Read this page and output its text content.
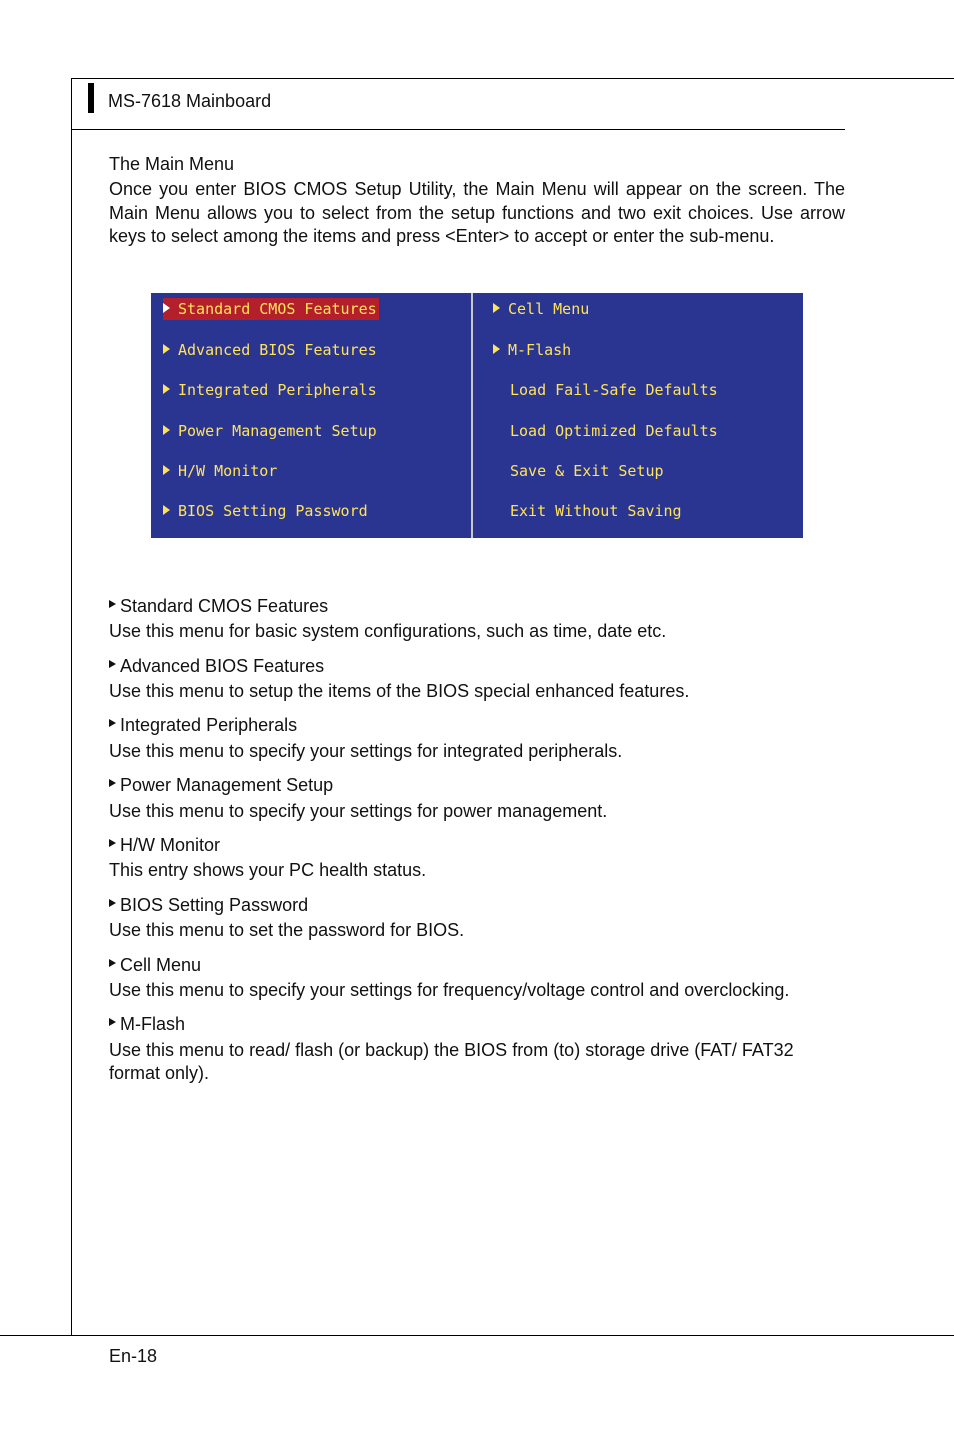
MS-7618 Mainboard
The Main Menu

Once you enter BIOS CMOS Setup Utility, the Main Menu will appear on the screen. The Main Menu allows you to select from the setup functions and two exit choices. Use arrow keys to select among the items and press <Enter> to accept or enter the sub-menu.

Standard CMOS Features
Advanced BIOS Features
Integrated Peripherals
Power Management Setup
H/W Monitor
BIOS Setting Password
Cell Menu
M-Flash
Load Fail-Safe Defaults
Load Optimized Defaults
Save & Exit Setup
Exit Without Saving
Standard CMOS Features

Use this menu for basic system configurations, such as time, date etc.

Advanced BIOS Features

Use this menu to setup the items of the BIOS special enhanced features.

Integrated Peripherals

Use this menu to specify your settings for integrated peripherals.

Power Management Setup

Use this menu to specify your settings for power management.

H/W Monitor

This entry shows your PC health status.

BIOS Setting Password

Use this menu to set the password for BIOS.

Cell Menu

Use this menu to specify your settings for frequency/voltage control and overclocking.

M-Flash

Use this menu to read/ flash (or backup) the BIOS from (to) storage drive (FAT/ FAT32 format only).

En-18
